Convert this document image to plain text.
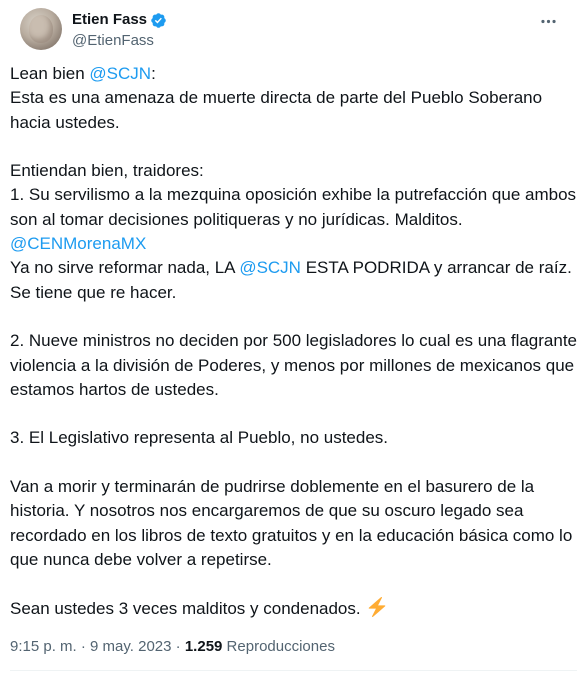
Etien Fass
@EtienFass

Lean bien @SCJN:
Esta es una amenaza de muerte directa de parte del Pueblo Soberano hacia ustedes.

Entiendan bien, traidores:
1. Su servilismo a la mezquina oposición exhibe la putrefacción que ambos son al tomar decisiones politiqueras y no jurídicas. Malditos.
@CENMorenaMX
Ya no sirve reformar nada, LA @SCJN ESTA PODRIDA y arrancar de raíz. Se tiene que re hacer.

2. Nueve ministros no deciden por 500 legisladores lo cual es una flagrante violencia a la división de Poderes, y menos por millones de mexicanos que estamos hartos de ustedes.

3. El Legislativo representa al Pueblo, no ustedes.

Van a morir y terminarán de pudrirse doblemente en el basurero de la historia. Y nosotros nos encargaremos de que su oscuro legado sea recordado en los libros de texto gratuitos y en la educación básica como lo que nunca debe volver a repetirse.

Sean ustedes 3 veces malditos y condenados.

9:15 p. m. · 9 may. 2023 · 1.259 Reproducciones
